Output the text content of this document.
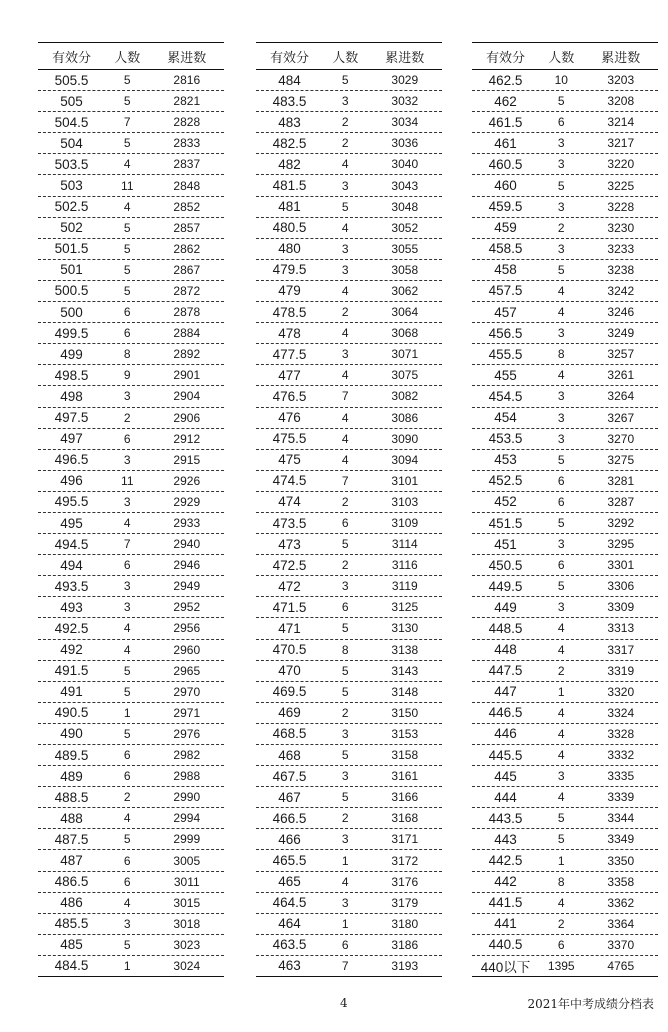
有效分	人数	累进数
505.5	5	2816
505	5	2821
504.5	7	2828
504	5	2833
503.5	4	2837
503	11	2848
502.5	4	2852
502	5	2857
501.5	5	2862
501	5	2867
500.5	5	2872
500	6	2878
499.5	6	2884
499	8	2892
498.5	9	2901
498	3	2904
497.5	2	2906
497	6	2912
496.5	3	2915
496	11	2926
495.5	3	2929
495	4	2933
494.5	7	2940
494	6	2946
493.5	3	2949
493	3	2952
492.5	4	2956
492	4	2960
491.5	5	2965
491	5	2970
490.5	1	2971
490	5	2976
489.5	6	2982
489	6	2988
488.5	2	2990
488	4	2994
487.5	5	2999
487	6	3005
486.5	6	3011
486	4	3015
485.5	3	3018
485	5	3023
484.5	1	3024
有效分	人数	累进数
484	5	3029
483.5	3	3032
483	2	3034
482.5	2	3036
482	4	3040
481.5	3	3043
481	5	3048
480.5	4	3052
480	3	3055
479.5	3	3058
479	4	3062
478.5	2	3064
478	4	3068
477.5	3	3071
477	4	3075
476.5	7	3082
476	4	3086
475.5	4	3090
475	4	3094
474.5	7	3101
474	2	3103
473.5	6	3109
473	5	3114
472.5	2	3116
472	3	3119
471.5	6	3125
471	5	3130
470.5	8	3138
470	5	3143
469.5	5	3148
469	2	3150
468.5	3	3153
468	5	3158
467.5	3	3161
467	5	3166
466.5	2	3168
466	3	3171
465.5	1	3172
465	4	3176
464.5	3	3179
464	1	3180
463.5	6	3186
463	7	3193
有效分	人数	累进数
462.5	10	3203
462	5	3208
461.5	6	3214
461	3	3217
460.5	3	3220
460	5	3225
459.5	3	3228
459	2	3230
458.5	3	3233
458	5	3238
457.5	4	3242
457	4	3246
456.5	3	3249
455.5	8	3257
455	4	3261
454.5	3	3264
454	3	3267
453.5	3	3270
453	5	3275
452.5	6	3281
452	6	3287
451.5	5	3292
451	3	3295
450.5	6	3301
449.5	5	3306
449	3	3309
448.5	4	3313
448	4	3317
447.5	2	3319
447	1	3320
446.5	4	3324
446	4	3328
445.5	4	3332
445	3	3335
444	4	3339
443.5	5	3344
443	5	3349
442.5	1	3350
442	8	3358
441.5	4	3362
441	2	3364
440.5	6	3370
440以下	1395	4765
4	2021年中考成绩分档表
